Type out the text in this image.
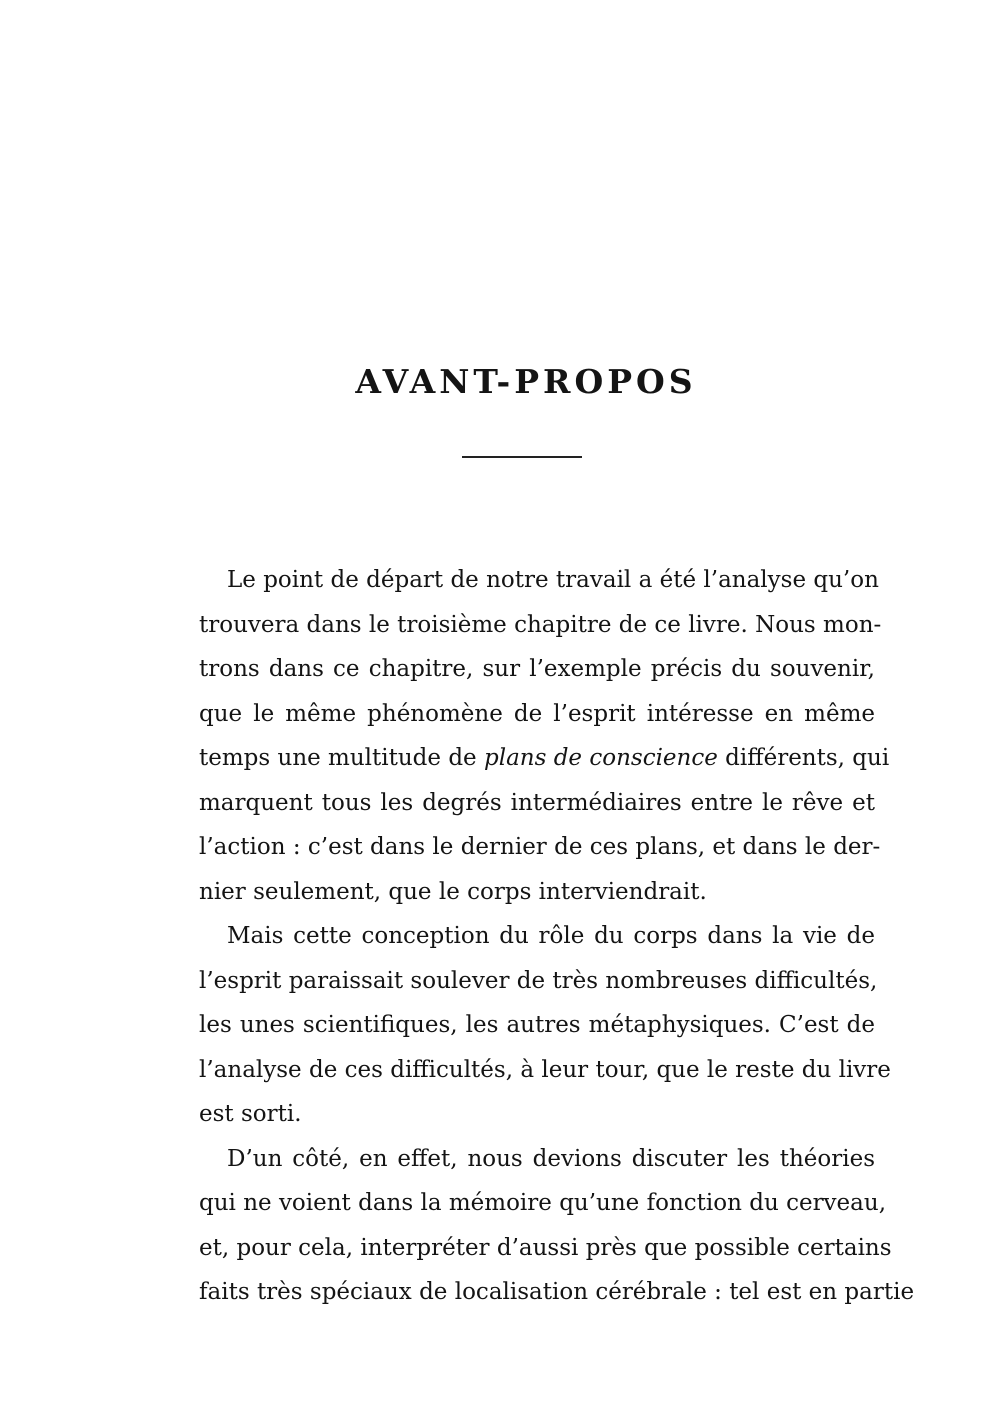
AVANT-PROPOS
Le point de départ de notre travail a été l’analyse qu’on
trouvera dans le troisième chapitre de ce livre. Nous mon-
trons dans ce chapitre, sur l’exemple précis du souvenir,
que le même phénomène de l’esprit intéresse en même
temps une multitude de plans de conscience différents, qui
marquent tous les degrés intermédiaires entre le rêve et
l’action : c’est dans le dernier de ces plans, et dans le der-
nier seulement, que le corps interviendrait.
Mais cette conception du rôle du corps dans la vie de
l’esprit paraissait soulever de très nombreuses difficultés,
les unes scientifiques, les autres métaphysiques. C’est de
l’analyse de ces difficultés, à leur tour, que le reste du livre
est sorti.
D’un côté, en effet, nous devions discuter les théories
qui ne voient dans la mémoire qu’une fonction du cerveau,
et, pour cela, interpréter d’aussi près que possible certains
faits très spéciaux de localisation cérébrale : tel est en partie
